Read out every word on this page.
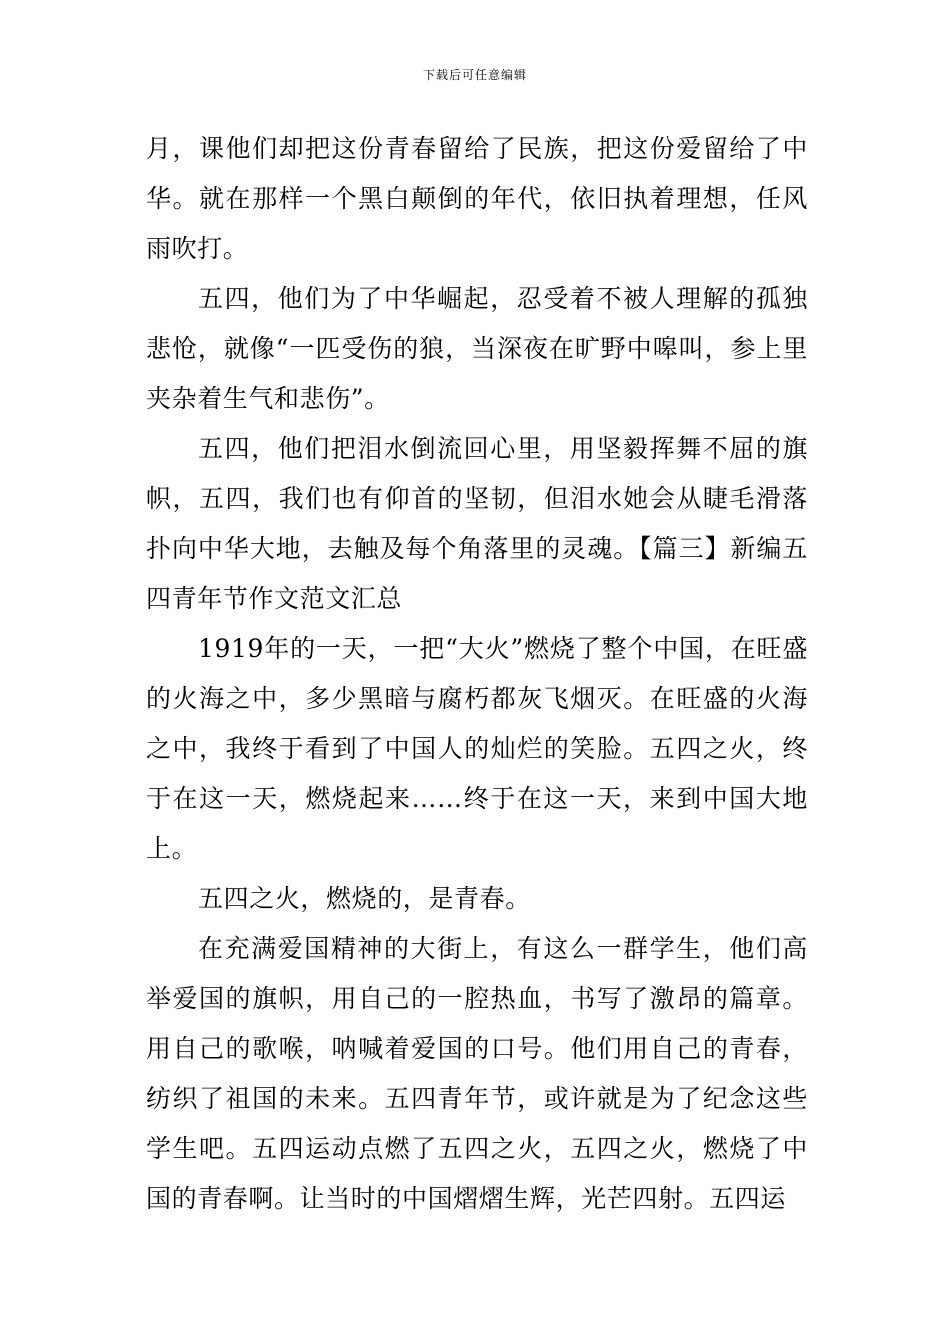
下载后可任意编辑

月，课他们却把这份青春留给了民族，把这份爱留给了中华。就在那样一个黑白颠倒的年代，依旧执着理想，任风雨吹打。

五四，他们为了中华崛起，忍受着不被人理解的孤独悲怆，就像“一匹受伤的狼，当深夜在旷野中嗥叫，参上里夹杂着生气和悲伤”。

五四，他们把泪水倒流回心里，用坚毅挥舞不屈的旗帜，五四，我们也有仰首的坚韧，但泪水她会从睫毛滑落扑向中华大地，去触及每个角落里的灵魂。【篇三】新编五四青年节作文范文汇总

1919年的一天，一把“大火”燃烧了整个中国，在旺盛的火海之中，多少黑暗与腐朽都灰飞烟灭。在旺盛的火海之中，我终于看到了中国人的灿烂的笑脸。五四之火，终于在这一天，燃烧起来……终于在这一天，来到中国大地上。

五四之火，燃烧的，是青春。

在充满爱国精神的大街上，有这么一群学生，他们高举爱国的旗帜，用自己的一腔热血，书写了激昂的篇章。用自己的歌喉，呐喊着爱国的口号。他们用自己的青春，纺织了祖国的未来。五四青年节，或许就是为了纪念这些学生吧。五四运动点燃了五四之火，五四之火，燃烧了中国的青春啊。让当时的中国熠熠生辉，光芒四射。五四运
